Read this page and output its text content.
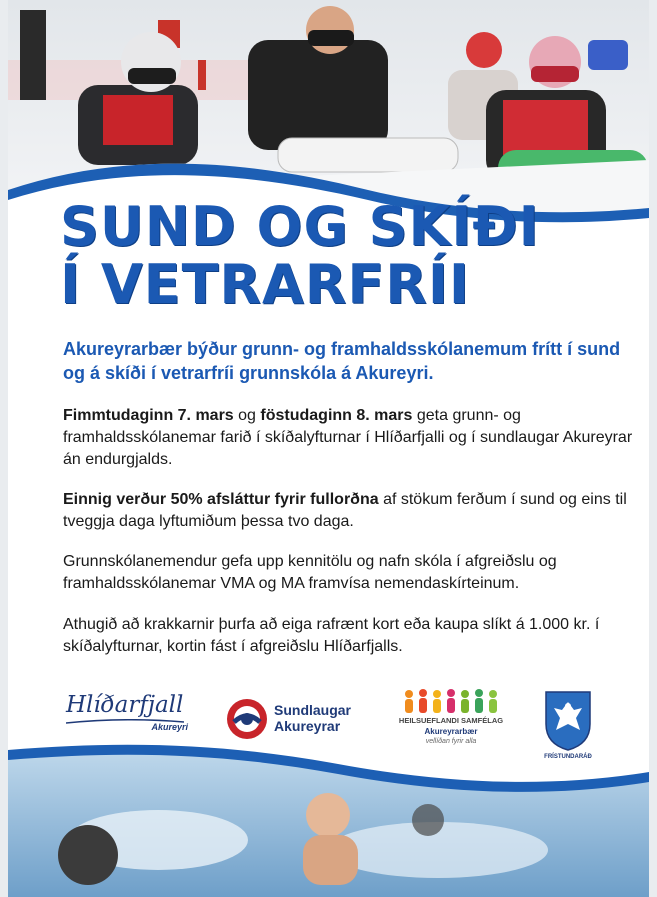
SUND OG SKÍÐI
Í VETRARFRÍI

Akureyrarbær býður grunn- og framhaldsskólanemum frítt í sund og á skíði í vetrarfríi grunnskóla á Akureyri.

Fimmtudaginn 7. mars og föstudaginn 8. mars geta grunn- og framhaldsskólanemar farið í skíðalyfturnar í Hlíðarfjalli og í sundlaugar Akureyrar án endurgjalds.

Einnig verður 50% afsláttur fyrir fullorðna af stökum ferðum í sund og eins til tveggja daga lyftumiðum þessa tvo daga.

Grunnskólanemendur gefa upp kennitölu og nafn skóla í afgreiðslu og framhaldsskólanemar VMA og MA framvísa nemendaskírteinum.

Athugið að krakkarnir þurfa að eiga rafrænt kort eða kaupa slíkt á 1.000 kr. í skíðalyfturnar, kortin fást í afgreiðslu Hlíðarfjalls.

Hlíðarfjall
Akureyri
Sundlaugar
Akureyrar	HEILSUEFLANDI SAMFÉLAG
Akureyrarbær
vellíðan fyrir alla
FRÍSTUNDARÁÐ
